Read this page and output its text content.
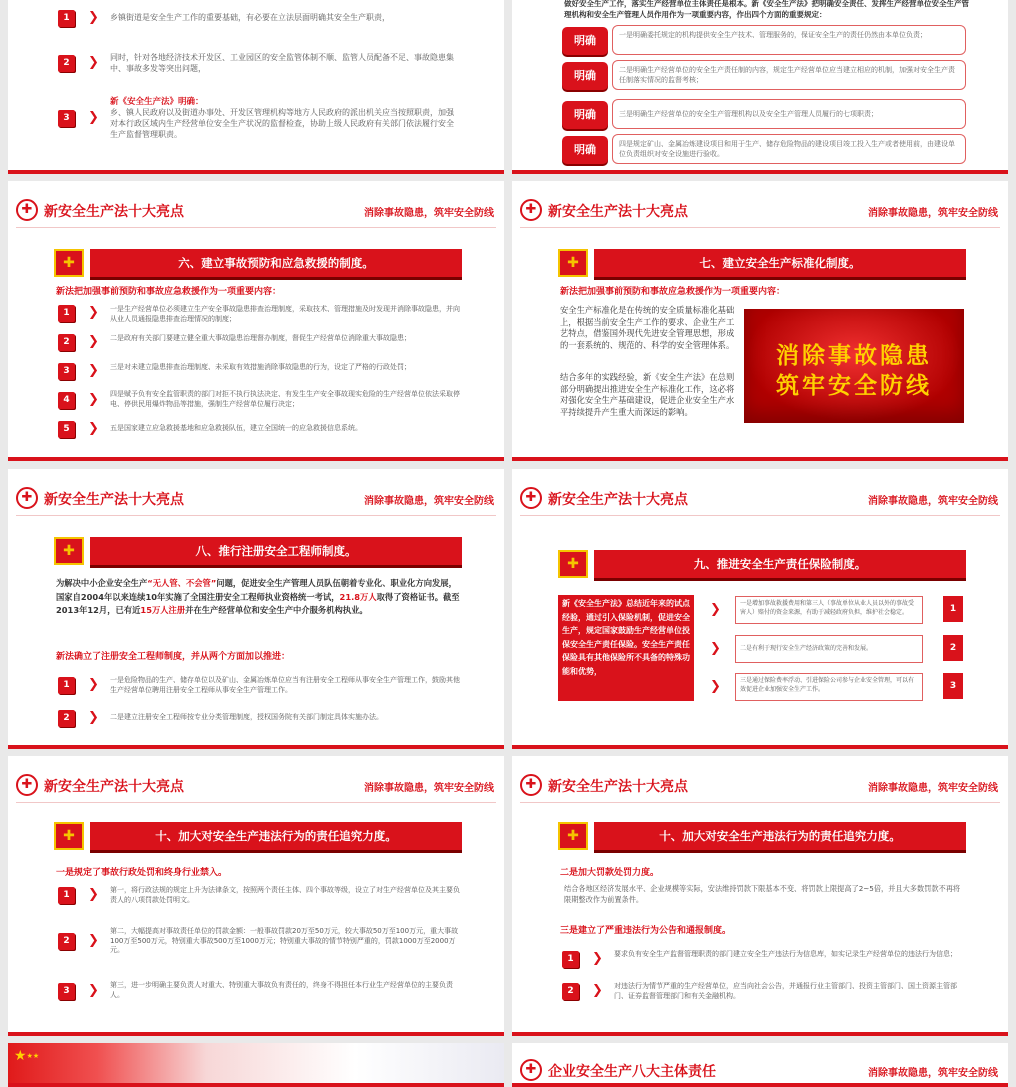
1	❯ 乡镇街道是安全生产工作的重要基础，有必要在立法层面明确其安全生产职责，
2	❯ 同时，针对各地经济技术开发区、工业园区的安全监管体制不顺、监管人员配备不足、事故隐患集中、事故多发等突出问题，
3	❯
新《安全生产法》明确：
乡、镇人民政府以及街道办事处、开发区管理机构等地方人民政府的派出机关应当按照职责，加强对本行政区域内生产经营单位安全生产状况的监督检查，协助上级人民政府有关部门依法履行安全生产监督管理职责。
做好安全生产工作，落实生产经营单位主体责任是根本。新《安全生产法》把明确安全责任、发挥生产经营单位安全生产管理机构和安全生产管理人员作用作为一项重要内容，作出四个方面的重要规定：
明确	一是明确委托规定的机构提供安全生产技术、管理服务的，保证安全生产的责任仍然由本单位负责；
明确	二是明确生产经营单位的安全生产责任制的内容，规定生产经营单位应当建立相应的机制，加强对安全生产责任制落实情况的监督考核；
明确	三是明确生产经营单位的安全生产管理机构以及安全生产管理人员履行的七项职责；
明确	四是规定矿山、金属冶炼建设项目和用于生产、储存危险物品的建设项目竣工投入生产或者使用前，由建设单位负责组织对安全设施进行验收。
✚ 新安全生产法十大亮点	消除事故隐患，筑牢安全防线
✚	六、建立事故预防和应急救援的制度。
新法把加强事前预防和事故应急救援作为一项重要内容：
1	❯ 一是生产经营单位必须建立生产安全事故隐患排查治理制度，采取技术、管理措施及时发现并消除事故隐患，并向从业人员通报隐患排查治理情况的制度；
2	❯ 二是政府有关部门要建立健全重大事故隐患治理督办制度，督促生产经营单位消除重大事故隐患；
3	❯ 三是对未建立隐患排查治理制度、未采取有效措施消除事故隐患的行为，设定了严格的行政处罚；
4	❯ 四是赋予负有安全监管职责的部门对拒不执行执法决定、有发生生产安全事故现实危险的生产经营单位依法采取停电、停供民用爆炸物品等措施，强制生产经营单位履行决定；
5	❯ 五是国家建立应急救援基地和应急救援队伍，建立全国统一的应急救援信息系统。
✚ 新安全生产法十大亮点	消除事故隐患，筑牢安全防线
✚	七、建立安全生产标准化制度。
新法把加强事前预防和事故应急救援作为一项重要内容：
安全生产标准化是在传统的安全质量标准化基础上，根据当前安全生产工作的要求、企业生产工艺特点，借鉴国外现代先进安全管理思想，形成的一套系统的、规范的、科学的安全管理体系。
结合多年的实践经验，新《安全生产法》在总则部分明确提出推进安全生产标准化工作，这必将对强化安全生产基础建设，促进企业安全生产水平持续提升产生重大而深远的影响。
消除事故隐患
筑牢安全防线
✚ 新安全生产法十大亮点	消除事故隐患，筑牢安全防线
✚	八、推行注册安全工程师制度。
为解决中小企业安全生产“无人管、不会管”问题，促进安全生产管理人员队伍朝着专业化、职业化方向发展，国家自2004年以来连续10年实施了全国注册安全工程师执业资格统一考试，21.8万人取得了资格证书。截至2013年12月，已有近15万人注册并在生产经营单位和安全生产中介服务机构执业。
新法确立了注册安全工程师制度，并从两个方面加以推进：
1	❯ 一是危险物品的生产、储存单位以及矿山、金属冶炼单位应当有注册安全工程师从事安全生产管理工作，鼓励其他生产经营单位聘用注册安全工程师从事安全生产管理工作。
2	❯ 二是建立注册安全工程师按专业分类管理制度，授权国务院有关部门制定具体实施办法。
✚ 新安全生产法十大亮点	消除事故隐患，筑牢安全防线
✚	九、推进安全生产责任保险制度。
新《安全生产法》总结近年来的试点经验，通过引入保险机制，促进安全生产，规定国家鼓励生产经营单位投保安全生产责任保险。安全生产责任保险具有其他保险所不具备的特殊功能和优势，
❯	一是增加事故救援费用和第三人（事故单位从业人员以外的事故受害人）赔付的资金来源，有助于减轻政府负担，维护社会稳定。	1
❯	二是有利于现行安全生产经济政策的完善和发展。	2
❯	三是通过保险费率浮动、引进保险公司参与企业安全管理，可以有效促进企业加强安全生产工作。	3
✚ 新安全生产法十大亮点	消除事故隐患，筑牢安全防线
✚	十、加大对安全生产违法行为的责任追究力度。
一是规定了事故行政处罚和终身行业禁入。
1	❯ 第一，将行政法规的规定上升为法律条文，按照两个责任主体、四个事故等级，设立了对生产经营单位及其主要负责人的八项罚款处罚明文。
2	❯
第二，大幅提高对事故责任单位的罚款金额：一般事故罚款20万至50万元，较大事故50万至100万元，重大事故100万至500万元，特别重大事故500万至1000万元；特别重大事故的情节特别严重的，罚款1000万至2000万元。
3	❯ 第三，进一步明确主要负责人对重大、特别重大事故负有责任的，终身不得担任本行业生产经营单位的主要负责人。
✚ 新安全生产法十大亮点	消除事故隐患，筑牢安全防线
✚	十、加大对安全生产违法行为的责任追究力度。
二是加大罚款处罚力度。
结合各地区经济发展水平、企业规模等实际，安法维持罚款下限基本不变、将罚款上限提高了2~5倍，并且大多数罚款不再将限期整改作为前置条件。
三是建立了严重违法行为公告和通报制度。
1	❯ 要求负有安全生产监督管理职责的部门建立安全生产违法行为信息库，如实记录生产经营单位的违法行为信息；
2	❯ 对违法行为情节严重的生产经营单位，应当向社会公告，并通报行业主管部门、投资主管部门、国土资源主管部门、证券监督管理部门和有关金融机构。
★★★
✚ 企业安全生产八大主体责任	消除事故隐患，筑牢安全防线
